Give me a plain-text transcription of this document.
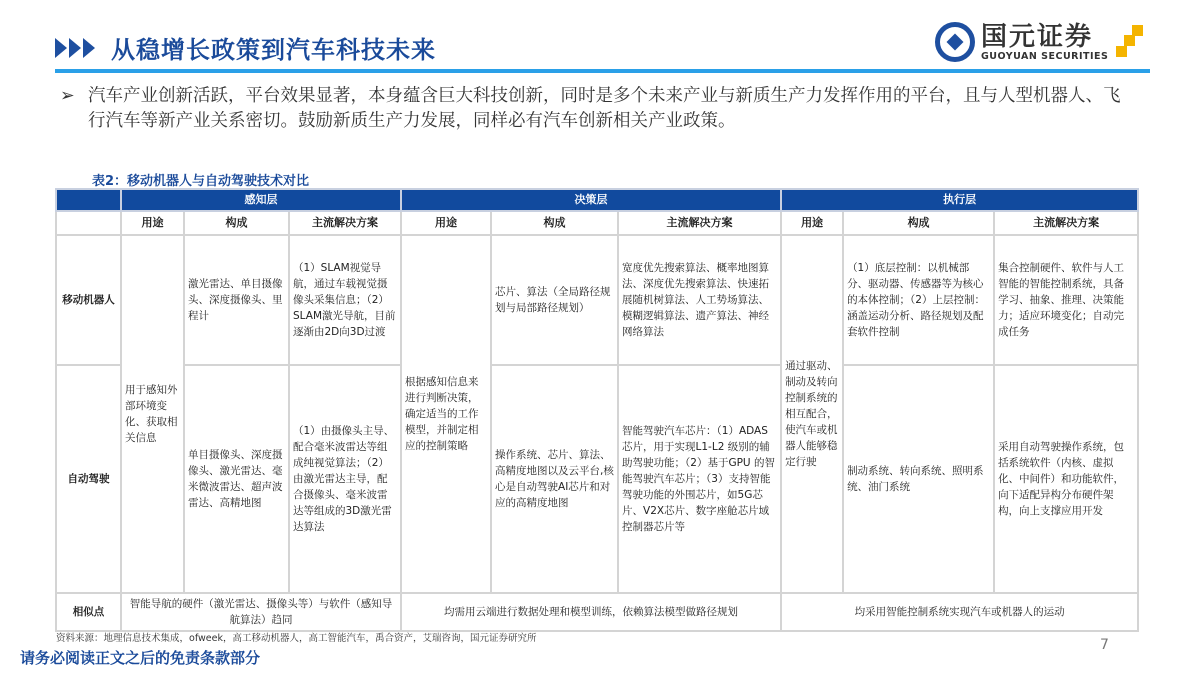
从稳增长政策到汽车科技未来	国元证券
GUOYUAN SECURITIES
➢ 汽车产业创新活跃，平台效果显著，本身蕴含巨大科技创新，同时是多个未来产业与新质生产力发挥作用的平台，且与人型机器人、飞行汽车等新产业关系密切。鼓励新质生产力发展，同样必有汽车创新相关产业政策。
表2：移动机器人与自动驾驶技术对比
	感知层			决策层			执行层		
	用途	构成	主流解决方案	用途	构成	主流解决方案	用途	构成	主流解决方案
移动机器人	用于感知外部环境变化、获取相关信息	激光雷达、单目摄像头、深度摄像头、里程计	（1）SLAM视觉导航，通过车载视觉摄像头采集信息；（2）SLAM激光导航，目前逐渐由2D向3D过渡	根据感知信息来进行判断决策，确定适当的工作模型，并制定相应的控制策略	芯片、算法（全局路径规划与局部路径规划）	宽度优先搜索算法、概率地图算法、深度优先搜索算法、快速拓展随机树算法、人工势场算法、模糊逻辑算法、遗产算法、神经网络算法	通过驱动、制动及转向控制系统的 相互配合，使汽车或机器人能够稳定行驶	（1）底层控制：以机械部分、驱动器、传感器等为核心的本体控制；（2）上层控制：涵盖运动分析、路径规划及配套软件控制	集合控制硬件、软件与人工智能的智能控制系统，具备学习、抽象、推理、决策能力；适应环境变化；自动完成任务
自动驾驶		单目摄像头、深度摄像头、激光雷达、毫米微波雷达、超声波雷达、高精地图	（1）由摄像头主导、配合毫米波雷达等组成纯视觉算法；（2）由激光雷达主导，配合摄像头、毫米波雷达等组成的3D激光雷达算法		操作系统、芯片、算法、高精度地图以及云平台,核心是自动驾驶AI芯片和对应的高精度地图	智能驾驶汽车芯片：（1）ADAS 芯片，用于实现L1-L2 级别的辅助驾驶功能；（2）基于GPU 的智能驾驶汽车芯片；（3）支持智能驾驶功能的外围芯片，如5G芯片、V2X芯片、数字座舱芯片域控制器芯片等		制动系统、转向系统、照明系统、油门系统	采用自动驾驶操作系统，包括系统软件（内核、虚拟化、中间件）和功能软件，向下适配异构分布硬件架构，向上支撑应用开发
相似点	智能导航的硬件（激光雷达、摄像头等）与软件（感知导航算法）趋同			均需用云端进行数据处理和模型训练，依赖算法模型做路径规划			均采用智能控制系统实现汽车或机器人的运动		
资料来源：地理信息技术集成，ofweek，高工移动机器人，高工智能汽车，禹合资产，艾瑞咨询，国元证券研究所
请务必阅读正文之后的免责条款部分
7
